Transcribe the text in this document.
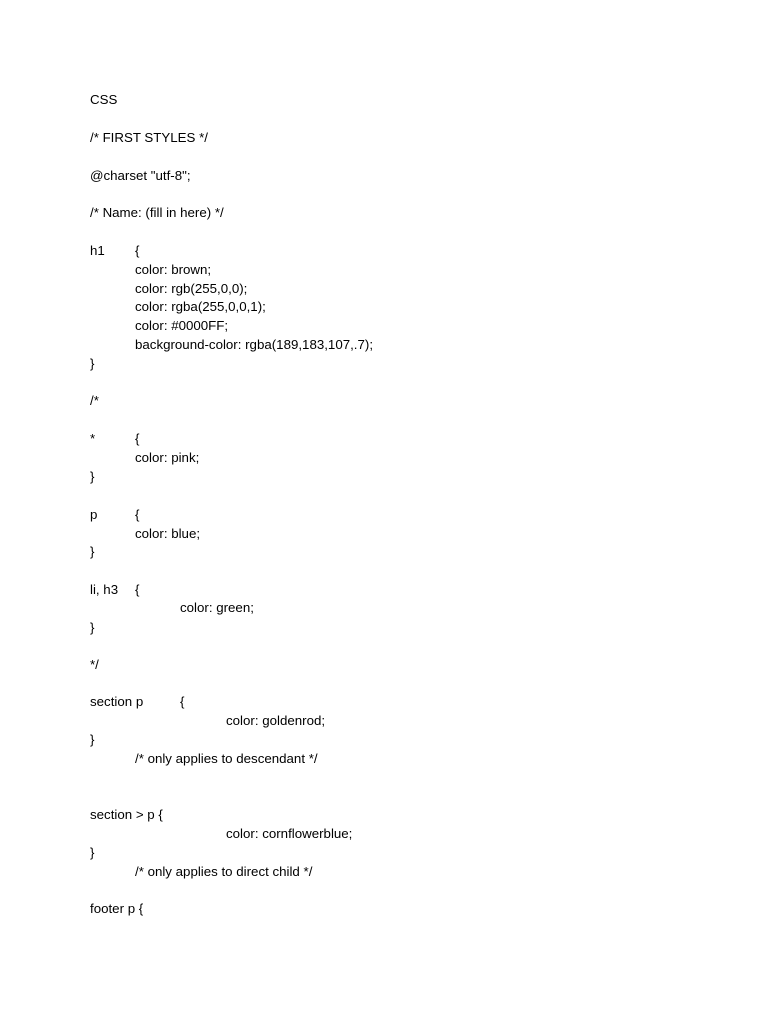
CSS
/* FIRST STYLES */
@charset "utf-8";
/* Name: (fill in here) */
h1 {
color: brown;
color: rgb(255,0,0);
color: rgba(255,0,0,1);
color: #0000FF;
background-color: rgba(189,183,107,.7);
}
/*
*	{
color: pink;
}
p	{
color: blue;
}
li, h3 {
color: green;
}
*/
section p	{
color: goldenrod;
}
/* only applies to descendant */
section > p {
color: cornflowerblue;
}
/* only applies to direct child */
footer p {
